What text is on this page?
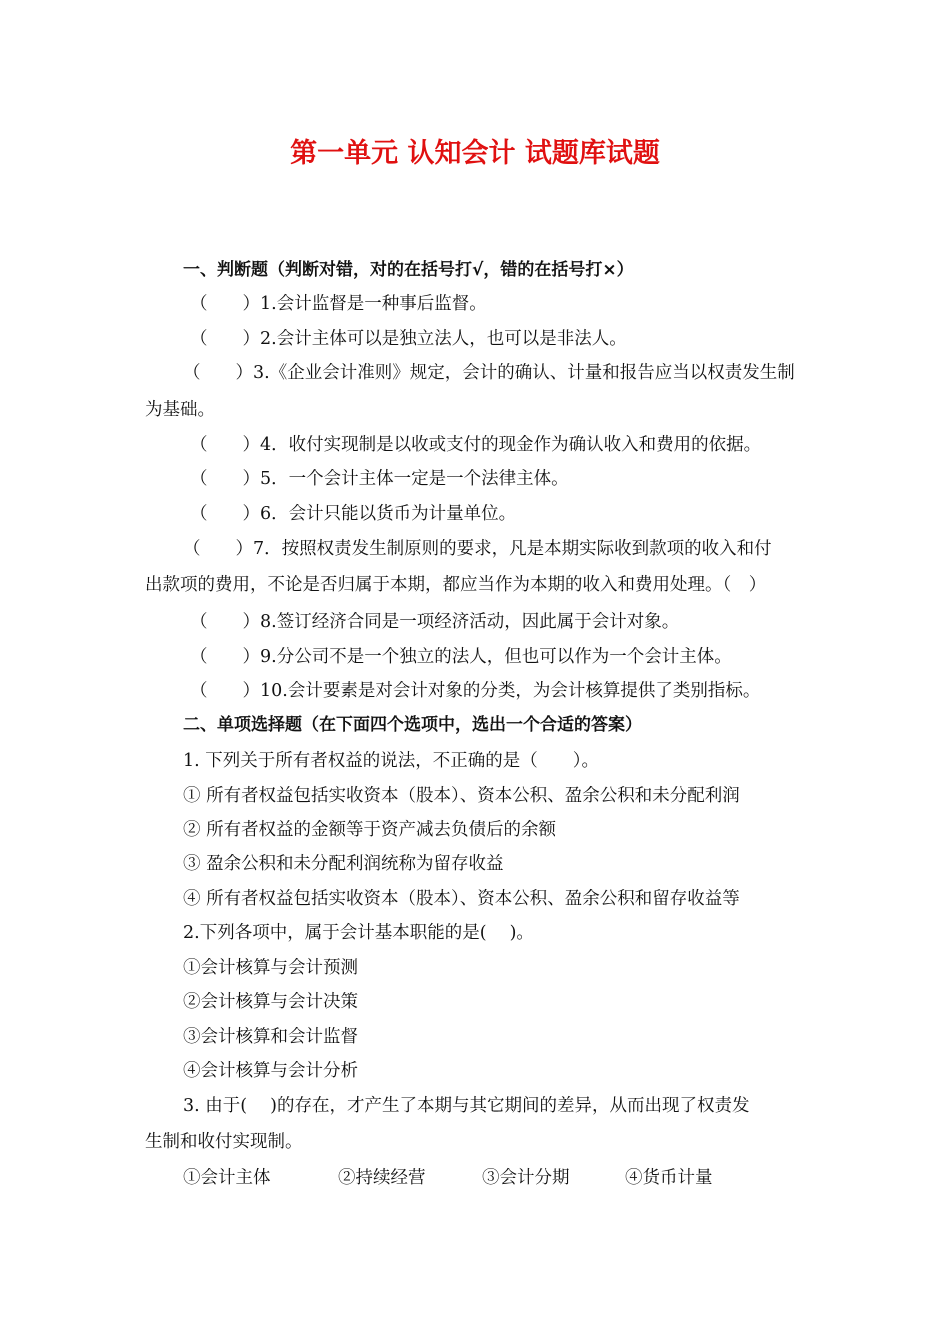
第一单元 认知会计 试题库试题
一、判断题（判断对错，对的在括号打√，错的在括号打×）
（　　）1.会计监督是一种事后监督。
（　　）2.会计主体可以是独立法人，也可以是非法人。
（　　）3.《企业会计准则》规定，会计的确认、计量和报告应当以权责发生制
为基础。
（　　）4．收付实现制是以收或支付的现金作为确认收入和费用的依据。
（　　）5．一个会计主体一定是一个法律主体。
（　　）6．会计只能以货币为计量单位。
（　　）7．按照权责发生制原则的要求，凡是本期实际收到款项的收入和付
出款项的费用，不论是否归属于本期，都应当作为本期的收入和费用处理。（　）
（　　）8.签订经济合同是一项经济活动，因此属于会计对象。
（　　）9.分公司不是一个独立的法人，但也可以作为一个会计主体。
（　　）10.会计要素是对会计对象的分类，为会计核算提供了类别指标。
二、单项选择题（在下面四个选项中，选出一个合适的答案）
1. 下列关于所有者权益的说法，不正确的是（　　）。
① 所有者权益包括实收资本（股本）、资本公积、盈余公积和未分配利润
② 所有者权益的金额等于资产减去负债后的余额
③ 盈余公积和未分配利润统称为留存收益
④ 所有者权益包括实收资本（股本）、资本公积、盈余公积和留存收益等
2.下列各项中，属于会计基本职能的是(　 )。
①会计核算与会计预测
②会计核算与会计决策
③会计核算和会计监督
④会计核算与会计分析
3. 由于(　 )的存在，才产生了本期与其它期间的差异，从而出现了权责发
生制和收付实现制。
①会计主体	②持续经营	③会计分期	④货币计量
